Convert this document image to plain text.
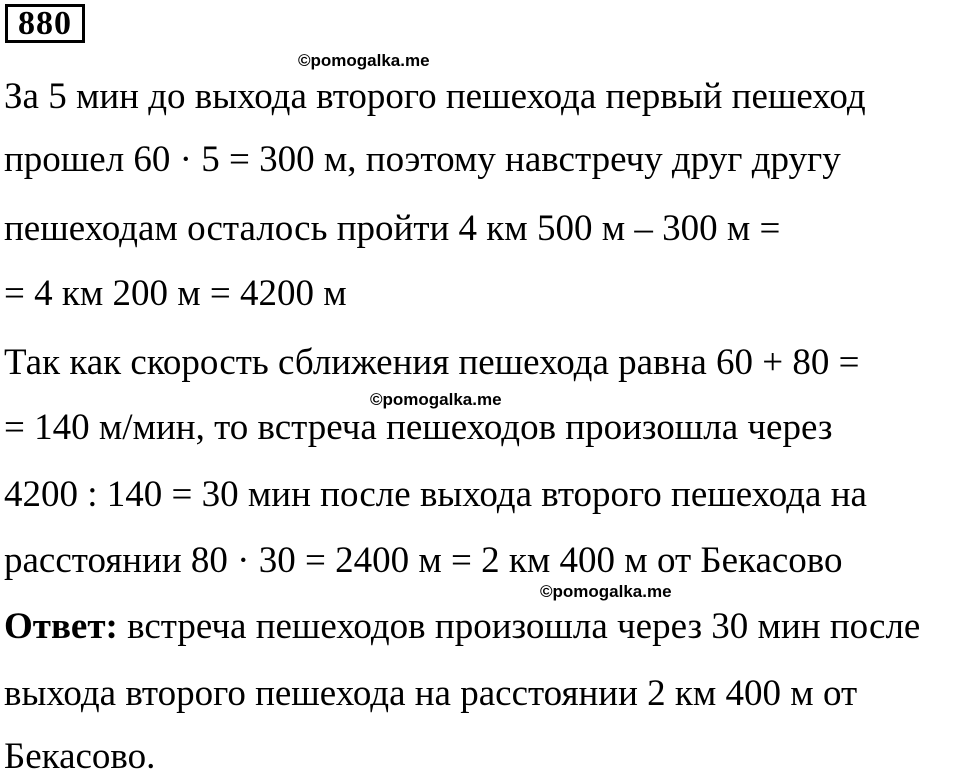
880
©pomogalka.me
©pomogalka.me
©pomogalka.me
За 5 мин до выхода второго пешехода первый пешеход
прошел 60 · 5 = 300 м, поэтому навстречу друг другу
пешеходам осталось пройти 4 км 500 м – 300 м =
= 4 км 200 м = 4200 м
Так как скорость сближения пешехода равна 60 + 80 =
= 140 м/мин, то встреча пешеходов произошла через
4200 : 140 = 30 мин после выхода второго пешехода на
расстоянии 80 · 30 = 2400 м = 2 км 400 м от Бекасово
Ответ: встреча пешеходов произошла через 30 мин после
выхода второго пешехода на расстоянии 2 км 400 м от
Бекасово.
